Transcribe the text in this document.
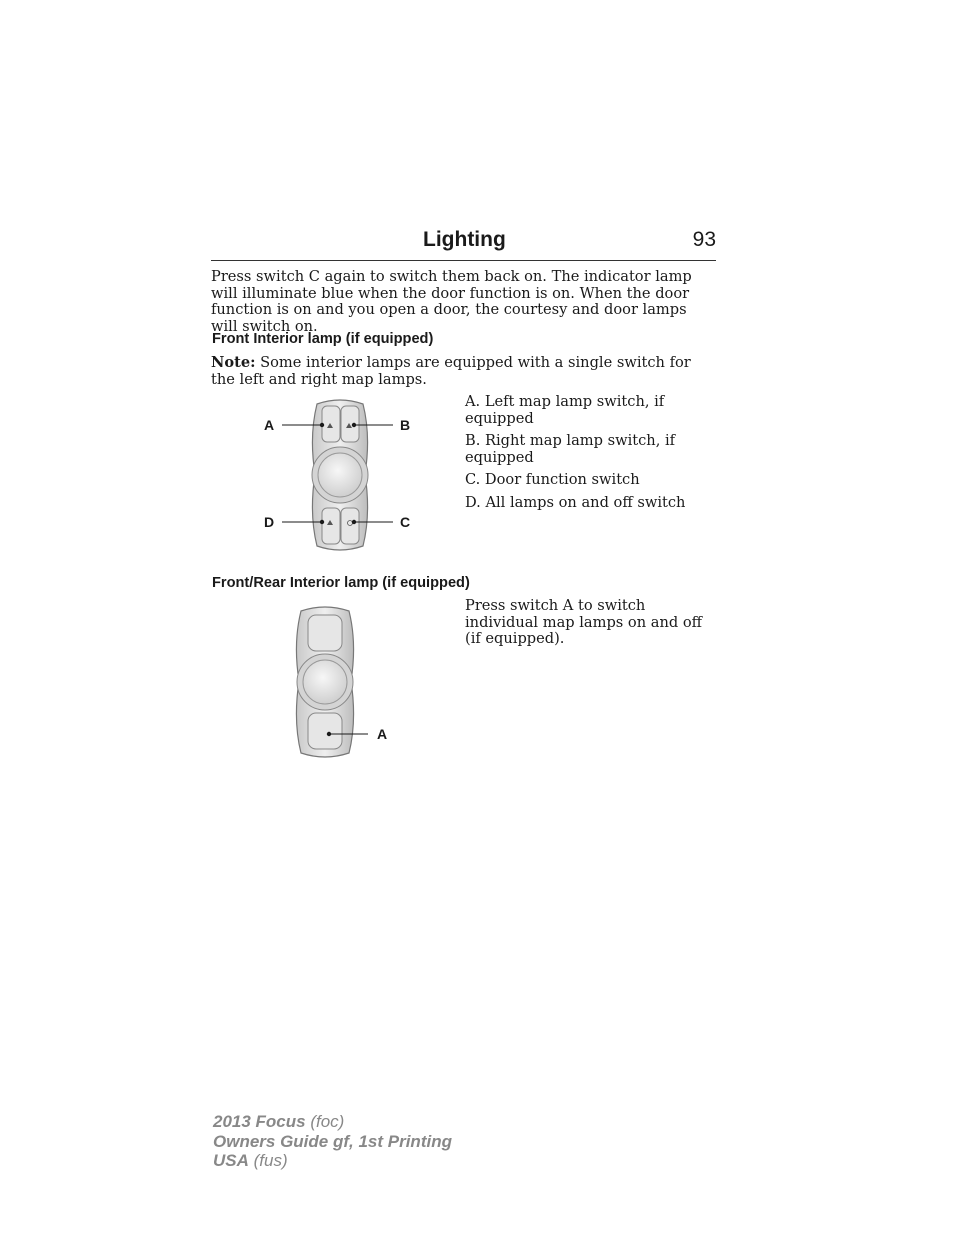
Lighting	93

Press switch C again to switch them back on. The indicator lamp will illuminate blue when the door function is on. When the door function is on and you open a door, the courtesy and door lamps will switch on.

Front Interior lamp (if equipped)

Note: Some interior lamps are equipped with a single switch for the left and right map lamps.

A	B
D	C
A. Left map lamp switch, if equipped
B. Right map lamp switch, if equipped
C. Door function switch
D. All lamps on and off switch
Front/Rear Interior lamp (if equipped)
A

Press switch A to switch individual map lamps on and off (if equipped).

2013 Focus (foc)
Owners Guide gf, 1st Printing
USA (fus)
